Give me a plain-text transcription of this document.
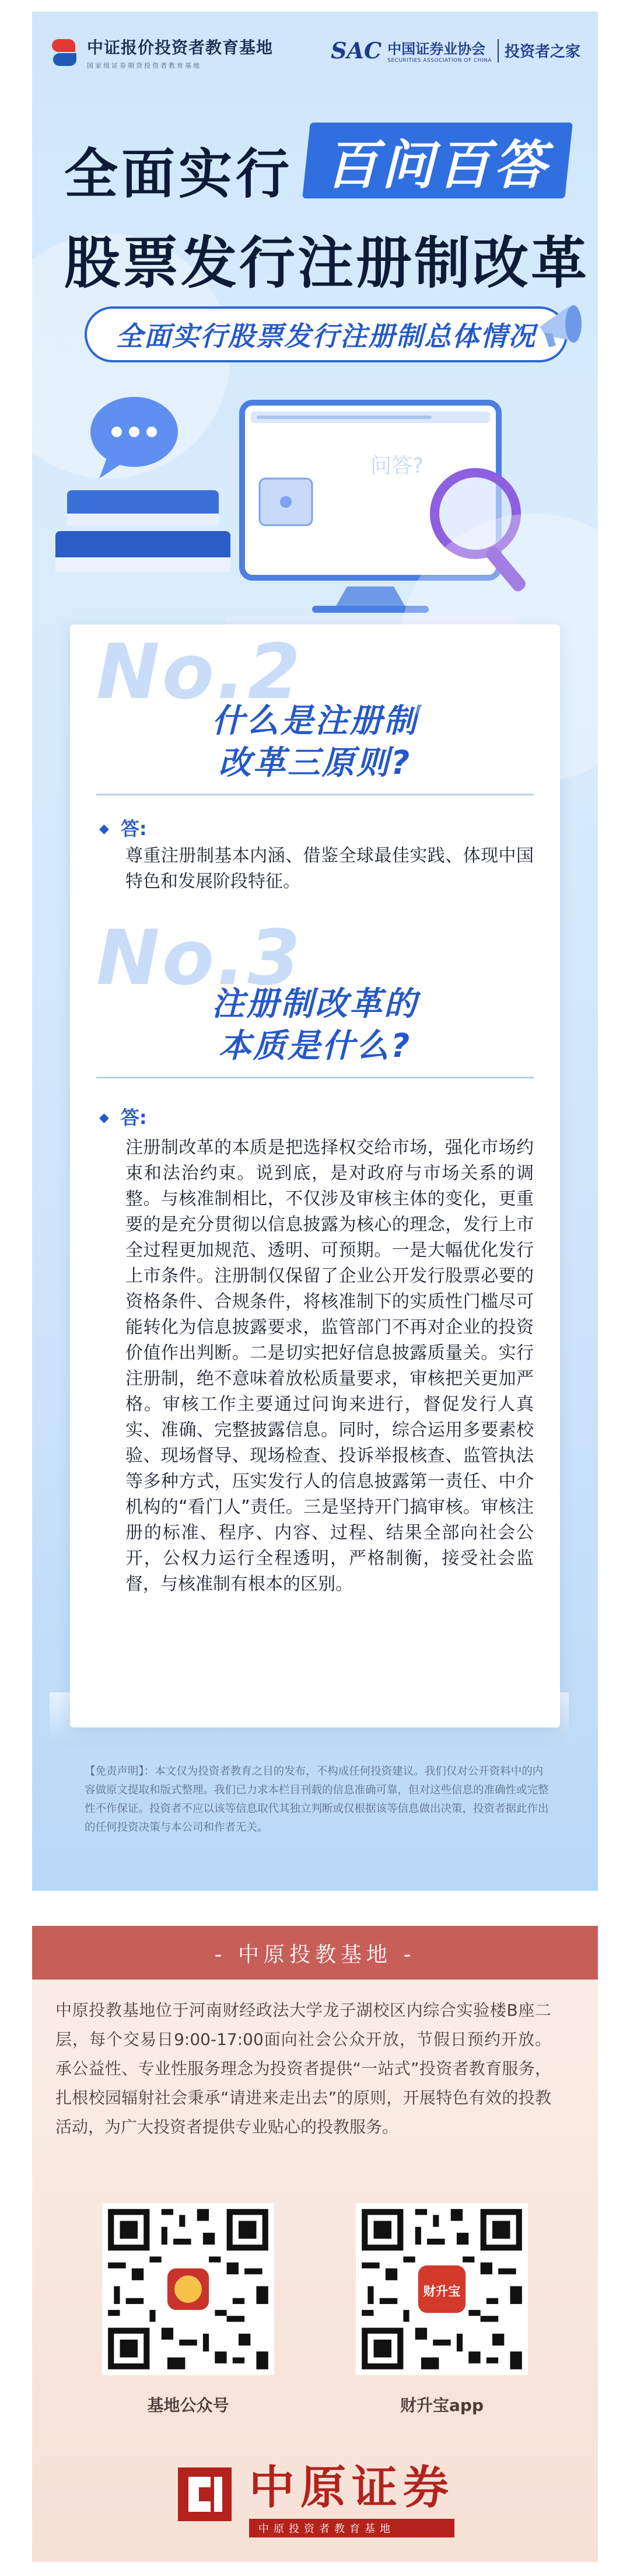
中证报价投资者教育基地
国家级证券期货投资者教育基地
SAC 中国证券业协会
SECURITIES ASSOCIATION OF CHINA 投资者之家
全面实行 百问百答
股票发行注册制改革
全面实行股票发行注册制总体情况
问答?
No.2
什么是注册制
改革三原则?
◆ 答:
尊重注册制基本内涵、借鉴全球最佳实践、体现中国特色和发展阶段特征。
No.3
注册制改革的
本质是什么?
◆ 答:
注册制改革的本质是把选择权交给市场，强化市场约束和法治约束。说到底，是对政府与市场关系的调整。与核准制相比，不仅涉及审核主体的变化，更重要的是充分贯彻以信息披露为核心的理念，发行上市全过程更加规范、透明、可预期。一是大幅优化发行上市条件。注册制仅保留了企业公开发行股票必要的资格条件、合规条件，将核准制下的实质性门槛尽可能转化为信息披露要求，监管部门不再对企业的投资价值作出判断。二是切实把好信息披露质量关。实行注册制，绝不意味着放松质量要求，审核把关更加严格。审核工作主要通过问询来进行，督促发行人真实、准确、完整披露信息。同时，综合运用多要素校验、现场督导、现场检查、投诉举报核查、监管执法等多种方式，压实发行人的信息披露第一责任、中介机构的“看门人”责任。三是坚持开门搞审核。审核注册的标准、程序、内容、过程、结果全部向社会公开，公权力运行全程透明，严格制衡，接受社会监督，与核准制有根本的区别。
【免责声明】：本文仅为投资者教育之目的发布，不构成任何投资建议。我们仅对公开资料中的内容做原文提取和版式整理。我们已力求本栏目刊载的信息准确可靠，但对这些信息的准确性或完整性不作保证。投资者不应以该等信息取代其独立判断或仅根据该等信息做出决策，投资者据此作出的任何投资决策与本公司和作者无关。
- 中原投教基地 -
中原投教基地位于河南财经政法大学龙子湖校区内综合实验楼B座二层，每个交易日9:00-17:00面向社会公众开放，节假日预约开放。承公益性、专业性服务理念为投资者提供“一站式”投资者教育服务，扎根校园辐射社会秉承“请进来走出去”的原则，开展特色有效的投教活动，为广大投资者提供专业贴心的投教服务。
基地公众号
财升宝
财升宝app
中原证券
中原投资者教育基地
